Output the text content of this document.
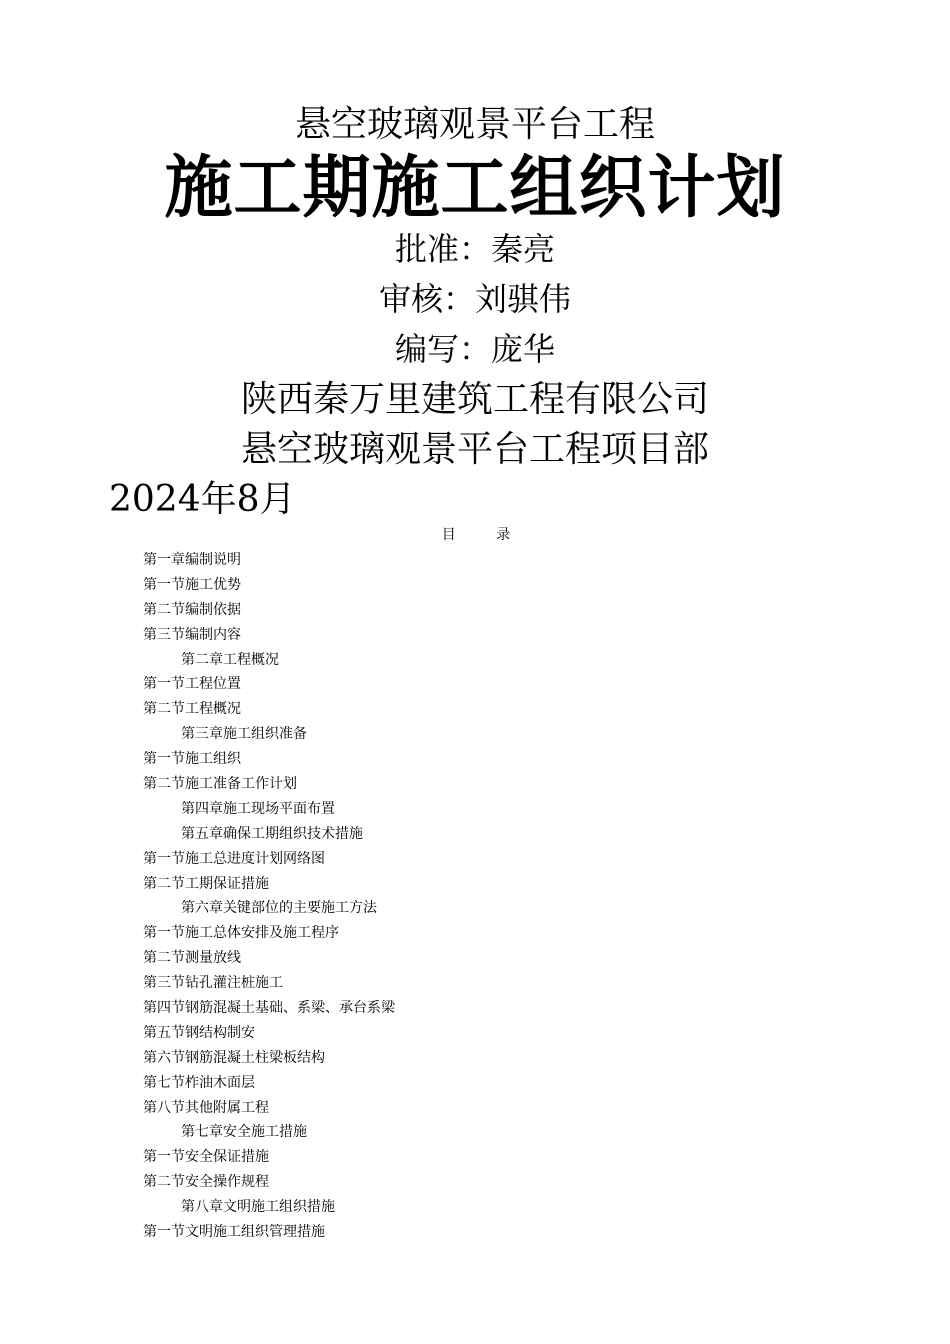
悬空玻璃观景平台工程
施工期施工组织计划
批准：秦亮
审核：刘骐伟
编写：庞华
陕西秦万里建筑工程有限公司
悬空玻璃观景平台工程项目部
2024年8月
目 录
第一章编制说明
第一节施工优势
第二节编制依据
第三节编制内容
第二章工程概况
第一节工程位置
第二节工程概况
第三章施工组织准备
第一节施工组织
第二节施工准备工作计划
第四章施工现场平面布置
第五章确保工期组织技术措施
第一节施工总进度计划网络图
第二节工期保证措施
第六章关键部位的主要施工方法
第一节施工总体安排及施工程序
第二节测量放线
第三节钻孔灌注桩施工
第四节钢筋混凝土基础、系梁、承台系梁
第五节钢结构制安
第六节钢筋混凝土柱梁板结构
第七节柞油木面层
第八节其他附属工程
第七章安全施工措施
第一节安全保证措施
第二节安全操作规程
第八章文明施工组织措施
第一节文明施工组织管理措施
